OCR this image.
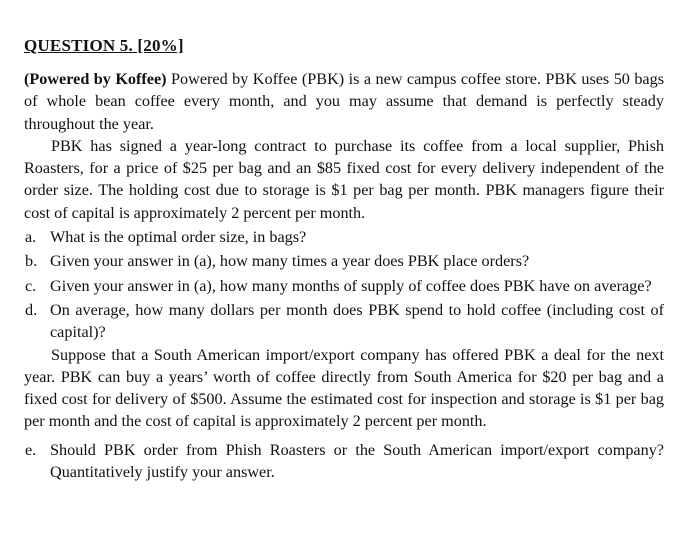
QUESTION 5. [20%]

(Powered by Koffee) Powered by Koffee (PBK) is a new campus coffee store. PBK uses 50 bags of whole bean coffee every month, and you may assume that demand is perfectly steady throughout the year.

PBK has signed a year-long contract to purchase its coffee from a local supplier, Phish Roasters, for a price of $25 per bag and an $85 fixed cost for every delivery independent of the order size. The holding cost due to storage is $1 per bag per month. PBK managers figure their cost of capital is approximately 2 percent per month.

a. What is the optimal order size, in bags?
b. Given your answer in (a), how many times a year does PBK place orders?
c. Given your answer in (a), how many months of supply of coffee does PBK have on average?
d. On average, how many dollars per month does PBK spend to hold coffee (including cost of capital)?

Suppose that a South American import/export company has offered PBK a deal for the next year. PBK can buy a years’ worth of coffee directly from South America for $20 per bag and a fixed cost for delivery of $500. Assume the estimated cost for inspection and storage is $1 per bag per month and the cost of capital is approximately 2 percent per month.

e. Should PBK order from Phish Roasters or the South American import/export company? Quantitatively justify your answer.
